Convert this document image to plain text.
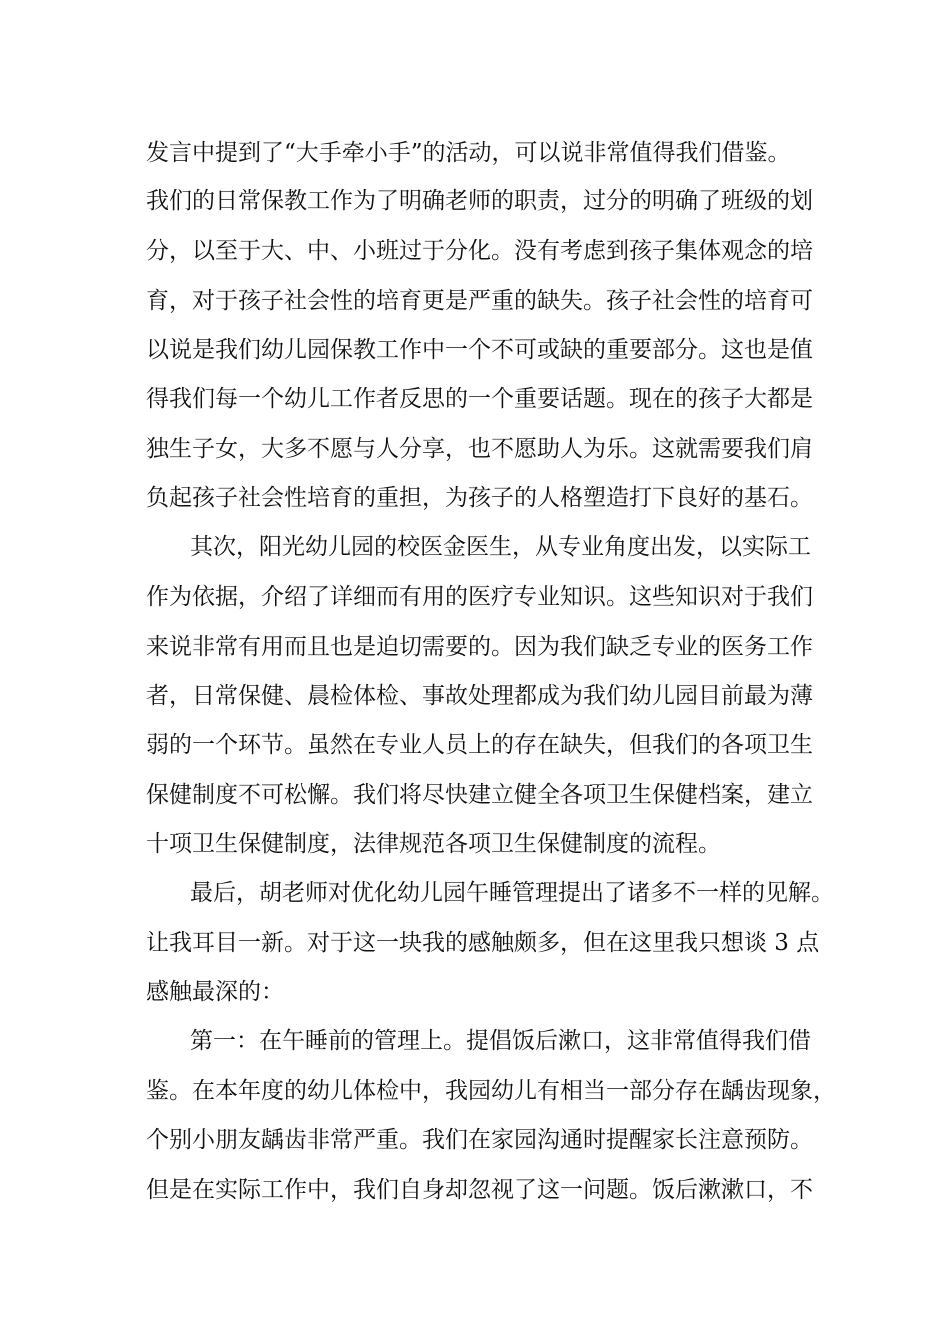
发言中提到了“大手牵小手”的活动，可以说非常值得我们借鉴。
我们的日常保教工作为了明确老师的职责，过分的明确了班级的划
分，以至于大、中、小班过于分化。没有考虑到孩子集体观念的培
育，对于孩子社会性的培育更是严重的缺失。孩子社会性的培育可
以说是我们幼儿园保教工作中一个不可或缺的重要部分。这也是值
得我们每一个幼儿工作者反思的一个重要话题。现在的孩子大都是
独生子女，大多不愿与人分享，也不愿助人为乐。这就需要我们肩
负起孩子社会性培育的重担，为孩子的人格塑造打下良好的基石。
其次，阳光幼儿园的校医金医生，从专业角度出发，以实际工
作为依据，介绍了详细而有用的医疗专业知识。这些知识对于我们
来说非常有用而且也是迫切需要的。因为我们缺乏专业的医务工作
者，日常保健、晨检体检、事故处理都成为我们幼儿园目前最为薄
弱的一个环节。虽然在专业人员上的存在缺失，但我们的各项卫生
保健制度不可松懈。我们将尽快建立健全各项卫生保健档案，建立
十项卫生保健制度，法律规范各项卫生保健制度的流程。
最后，胡老师对优化幼儿园午睡管理提出了诸多不一样的见解。
让我耳目一新。对于这一块我的感触颇多，但在这里我只想谈 3 点
感触最深的：
第一：在午睡前的管理上。提倡饭后漱口，这非常值得我们借
鉴。在本年度的幼儿体检中，我园幼儿有相当一部分存在龋齿现象，
个别小朋友龋齿非常严重。我们在家园沟通时提醒家长注意预防。
但是在实际工作中，我们自身却忽视了这一问题。饭后漱漱口，不
